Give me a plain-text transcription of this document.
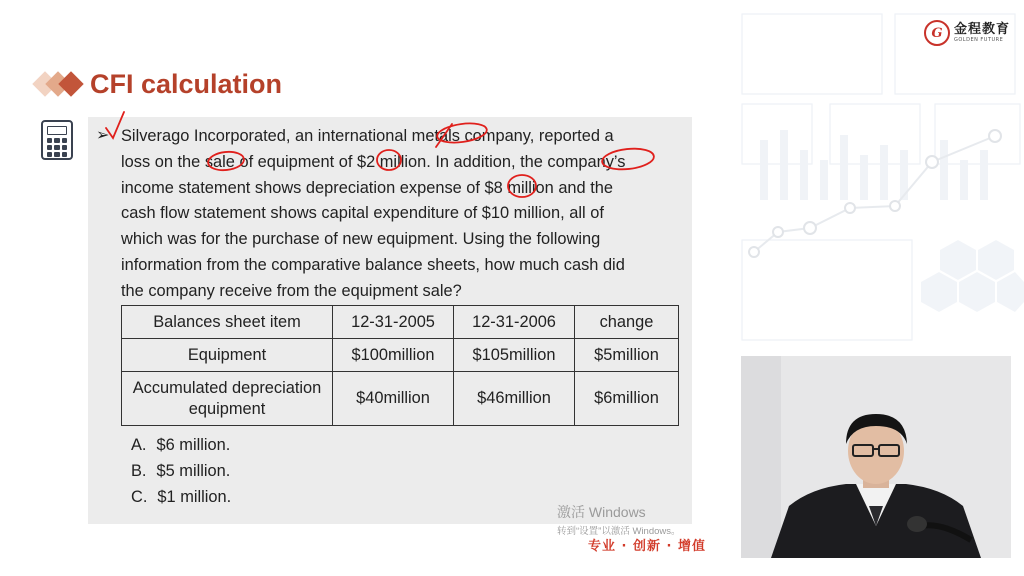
G 金程教育
GOLDEN FUTURE
CFI calculation
➢ Silverago Incorporated, an international metals company, reported a
loss on the sale of equipment of $2 million. In addition, the company’s
income statement shows depreciation expense of $8 million and the
cash flow statement shows capital expenditure of $10 million, all of
which was for the purchase of new equipment. Using the following
information from the comparative balance sheets, how much cash did
the company receive from the equipment sale?
Balances sheet item	12-31-2005	12-31-2006	change
Equipment	$100million	$105million	$5million
Accumulated depreciation equipment	$40million	$46million	$6million
A. $6 million.
B. $5 million.
C. $1 million.
激活 Windows
转到“设置”以激活 Windows。
专业 · 创新 · 增值
